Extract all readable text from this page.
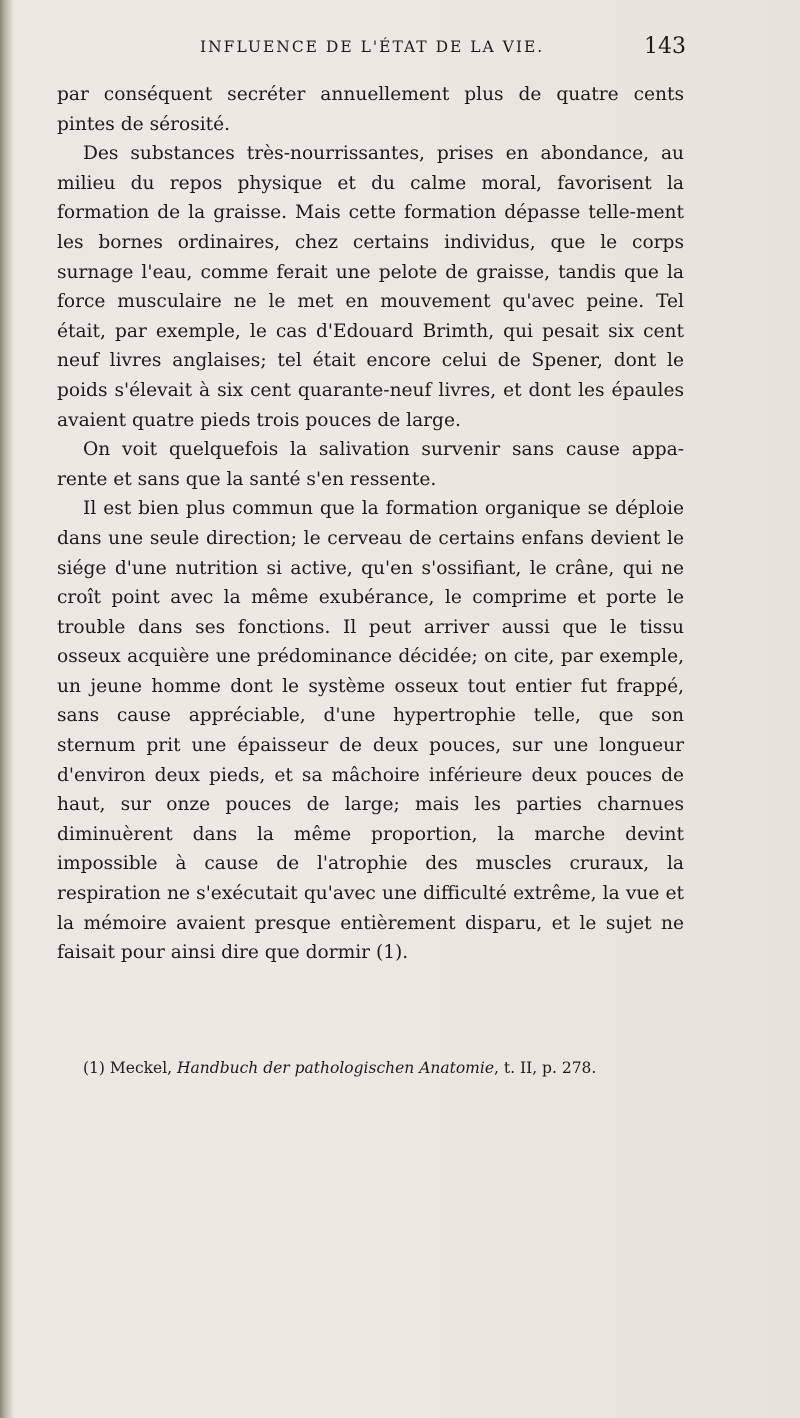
INFLUENCE DE L'ÉTAT DE LA VIE.	143

par conséquent secréter annuellement plus de quatre cents pintes de sérosité.

Des substances très-nourrissantes, prises en abondance, au milieu du repos physique et du calme moral, favorisent la formation de la graisse. Mais cette formation dépasse telle-ment les bornes ordinaires, chez certains individus, que le corps surnage l'eau, comme ferait une pelote de graisse, tandis que la force musculaire ne le met en mouvement qu'avec peine. Tel était, par exemple, le cas d'Edouard Brimth, qui pesait six cent neuf livres anglaises; tel était encore celui de Spener, dont le poids s'élevait à six cent quarante-neuf livres, et dont les épaules avaient quatre pieds trois pouces de large.

On voit quelquefois la salivation survenir sans cause appa-rente et sans que la santé s'en ressente.

Il est bien plus commun que la formation organique se déploie dans une seule direction; le cerveau de certains enfans devient le siége d'une nutrition si active, qu'en s'ossifiant, le crâne, qui ne croît point avec la même exubérance, le comprime et porte le trouble dans ses fonctions. Il peut arriver aussi que le tissu osseux acquière une prédominance décidée; on cite, par exemple, un jeune homme dont le système osseux tout entier fut frappé, sans cause appréciable, d'une hypertrophie telle, que son sternum prit une épaisseur de deux pouces, sur une longueur d'environ deux pieds, et sa mâchoire inférieure deux pouces de haut, sur onze pouces de large; mais les parties charnues diminuèrent dans la même proportion, la marche devint impossible à cause de l'atrophie des muscles cruraux, la respiration ne s'exécutait qu'avec une difficulté extrême, la vue et la mémoire avaient presque entièrement disparu, et le sujet ne faisait pour ainsi dire que dormir (1).

(1) Meckel, Handbuch der pathologischen Anatomie, t. II, p. 278.
